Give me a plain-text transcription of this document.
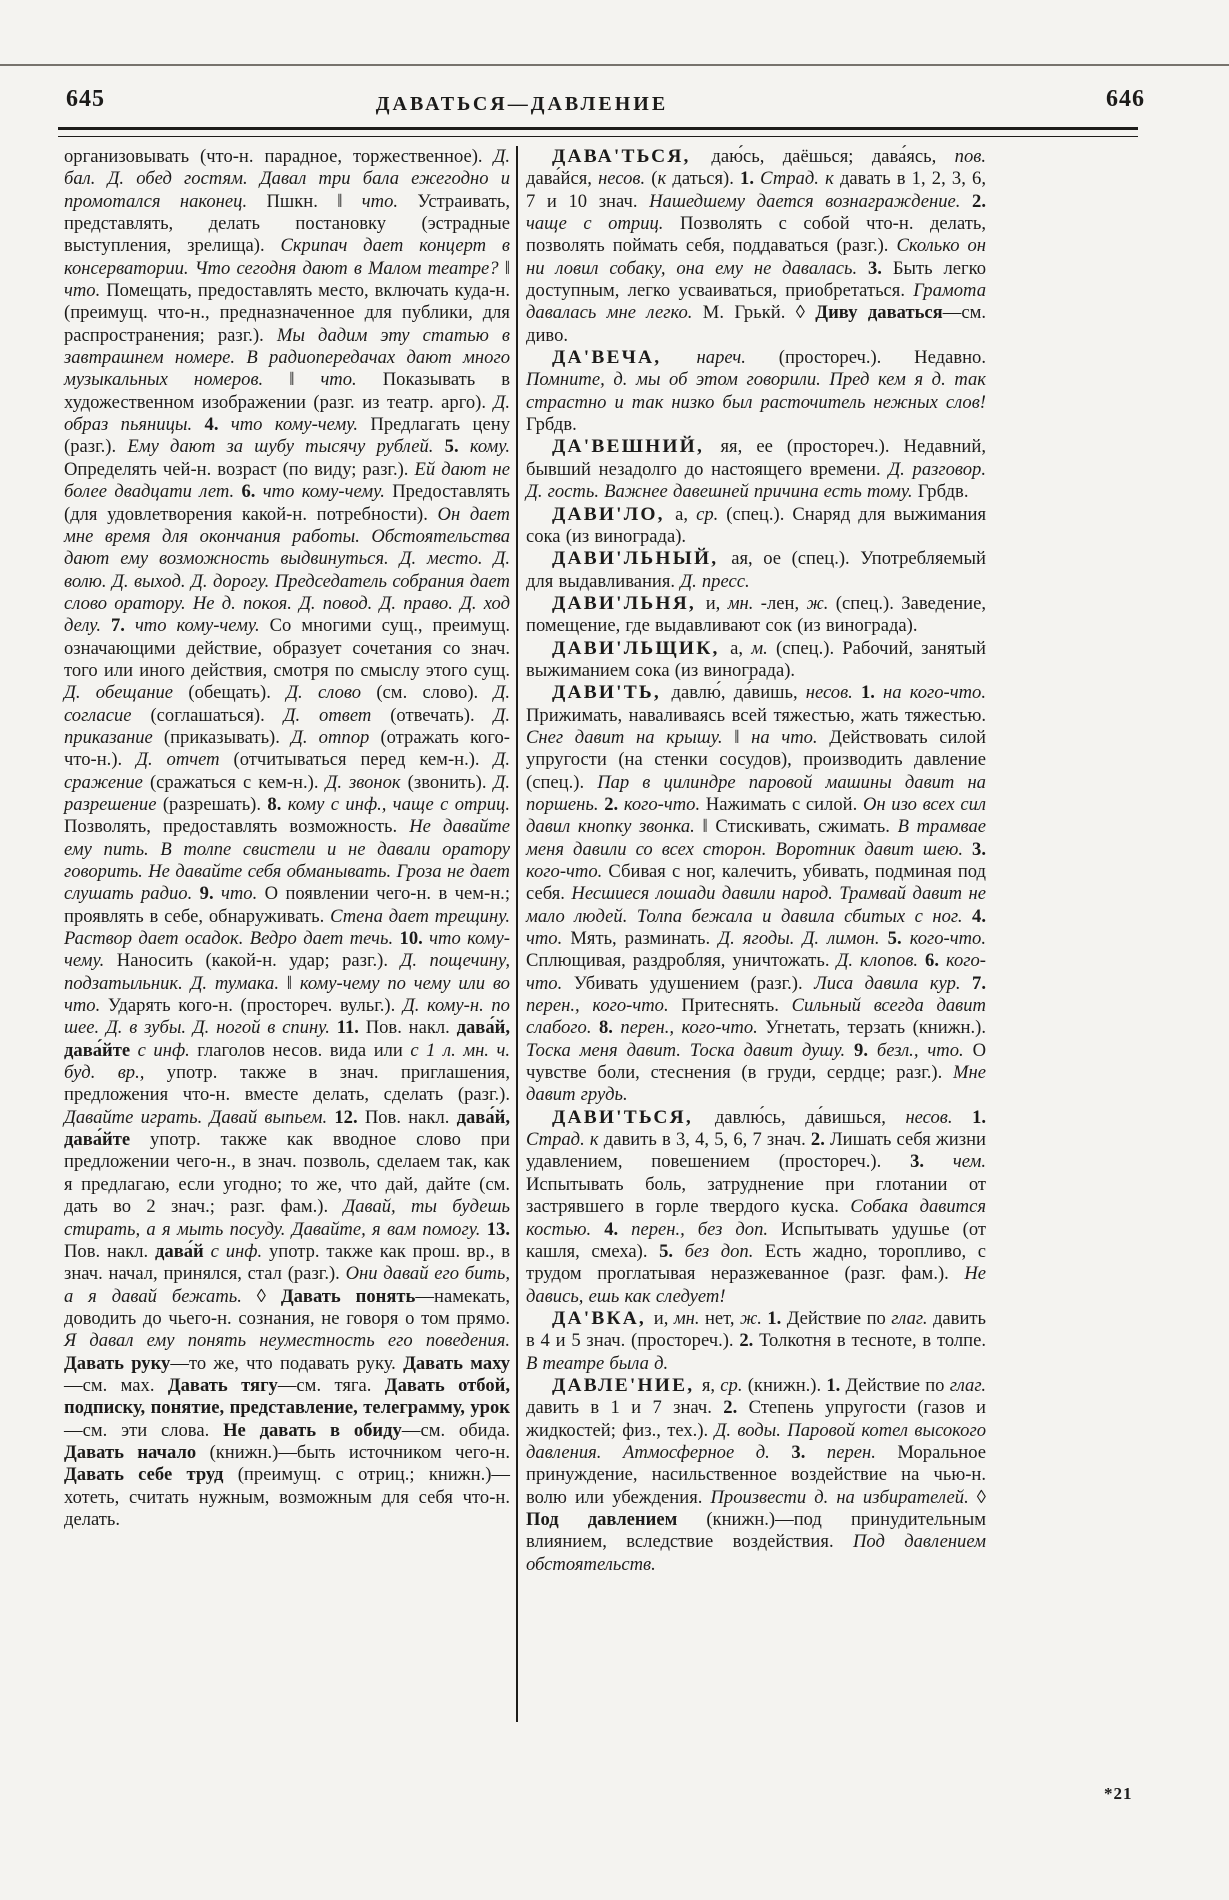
645	ДАВАТЬСЯ—ДАВЛЕНИЕ	646

организовывать (что-н. парадное, торжественное). Д. бал. Д. обед гостям. Давал три бала ежегодно и промотался наконец. Пшкн. ‖ что. Устраивать, представлять, делать постановку (эстрадные выступления, зрелища). Скрипач дает концерт в консерватории. Что сегодня дают в Малом театре? ‖ что. Помещать, предоставлять место, включать куда-н. (преимущ. что-н., предназначенное для публики, для распространения; разг.). Мы дадим эту статью в завтрашнем номере. В радиопередачах дают много музыкальных номеров. ‖ что. Показывать в художественном изображении (разг. из театр. арго). Д. образ пьяницы. 4. что кому-чему. Предлагать цену (разг.). Ему дают за шубу тысячу рублей. 5. кому. Определять чей-н. возраст (по виду; разг.). Ей дают не более двадцати лет. 6. что кому-чему. Предоставлять (для удовлетворения какой-н. потребности). Он дает мне время для окончания работы. Обстоятельства дают ему возможность выдвинуться. Д. место. Д. волю. Д. выход. Д. дорогу. Председатель собрания дает слово оратору. Не д. покоя. Д. повод. Д. право. Д. ход делу. 7. что кому-чему. Со многими сущ., преимущ. означающими действие, образует сочетания со знач. того или иного действия, смотря по смыслу этого сущ. Д. обещание (обещать). Д. слово (см. слово). Д. согласие (соглашаться). Д. ответ (отвечать). Д. приказание (приказывать). Д. отпор (отражать кого-что-н.). Д. отчет (отчитываться перед кем-н.). Д. сражение (сражаться с кем-н.). Д. звонок (звонить). Д. разрешение (разрешать). 8. кому с инф., чаще с отриц. Позволять, предоставлять возможность. Не давайте ему пить. В толпе свистели и не давали оратору говорить. Не давайте себя обманывать. Гроза не дает слушать радио. 9. что. О появлении чего-н. в чем-н.; проявлять в себе, обнаруживать. Стена дает трещину. Раствор дает осадок. Ведро дает течь. 10. что кому-чему. Наносить (какой-н. удар; разг.). Д. пощечину, подзатыльник. Д. тумака. ‖ кому-чему по чему или во что. Ударять кого-н. (простореч. вульг.). Д. кому-н. по шее. Д. в зубы. Д. ногой в спину. 11. Пов. накл. дава́й, дава́йте с инф. глаголов несов. вида или с 1 л. мн. ч. буд. вр., употр. также в знач. приглашения, предложения что-н. вместе делать, сделать (разг.). Давайте играть. Давай выпьем. 12. Пов. накл. дава́й, дава́йте употр. также как вводное слово при предложении чего-н., в знач. позволь, сделаем так, как я предлагаю, если угодно; то же, что дай, дайте (см. дать во 2 знач.; разг. фам.). Давай, ты будешь стирать, а я мыть посуду. Давайте, я вам помогу. 13. Пов. накл. дава́й с инф. употр. также как прош. вр., в знач. начал, принялся, стал (разг.). Они давай его бить, а я давай бежать. ◊ Давать понять—намекать, доводить до чьего-н. сознания, не говоря о том прямо. Я давал ему понять неуместность его поведения. Давать руку—то же, что подавать руку. Давать маху—см. мах. Давать тягу—см. тяга. Давать отбой, подписку, понятие, представление, телеграмму, урок—см. эти слова. Не давать в обиду—см. обида. Давать начало (книжн.)—быть источником чего-н. Давать себе труд (преимущ. с отриц.; книжн.)—хотеть, считать нужным, возможным для себя что-н. делать.

ДАВА'ТЬСЯ, даю́сь, даёшься; дава́ясь, пов. дава́йся, несов. (к даться). 1. Страд. к давать в 1, 2, 3, 6, 7 и 10 знач. Нашедшему дается вознаграждение. 2. чаще с отриц. Позволять с собой что-н. делать, позволять поймать себя, поддаваться (разг.). Сколько он ни ловил собаку, она ему не давалась. 3. Быть легко доступным, легко усваиваться, приобретаться. Грамота давалась мне легко. М. Грькй. ◊ Диву даваться—см. диво.

ДА'ВЕЧА, нареч. (простореч.). Недавно. Помните, д. мы об этом говорили. Пред кем я д. так страстно и так низко был расточитель нежных слов! Грбдв.

ДА'ВЕШНИЙ, яя, ее (простореч.). Недавний, бывший незадолго до настоящего времени. Д. разговор. Д. гость. Важнее давешней причина есть тому. Грбдв.

ДАВИ'ЛО, а, ср. (спец.). Снаряд для выжимания сока (из винограда).

ДАВИ'ЛЬНЫЙ, ая, ое (спец.). Употребляемый для выдавливания. Д. пресс.

ДАВИ'ЛЬНЯ, и, мн. -лен, ж. (спец.). Заведение, помещение, где выдавливают сок (из винограда).

ДАВИ'ЛЬЩИК, а, м. (спец.). Рабочий, занятый выжиманием сока (из винограда).

ДАВИ'ТЬ, давлю́, да́вишь, несов. 1. на кого-что. Прижимать, наваливаясь всей тяжестью, жать тяжестью. Снег давит на крышу. ‖ на что. Действовать силой упругости (на стенки сосудов), производить давление (спец.). Пар в цилиндре паровой машины давит на поршень. 2. кого-что. Нажимать с силой. Он изо всех сил давил кнопку звонка. ‖ Стискивать, сжимать. В трамвае меня давили со всех сторон. Воротник давит шею. 3. кого-что. Сбивая с ног, калечить, убивать, подминая под себя. Несшиеся лошади давили народ. Трамвай давит не мало людей. Толпа бежала и давила сбитых с ног. 4. что. Мять, разминать. Д. ягоды. Д. лимон. 5. кого-что. Сплющивая, раздробляя, уничтожать. Д. клопов. 6. кого-что. Убивать удушением (разг.). Лиса давила кур. 7. перен., кого-что. Притеснять. Сильный всегда давит слабого. 8. перен., кого-что. Угнетать, терзать (книжн.). Тоска меня давит. Тоска давит душу. 9. безл., что. О чувстве боли, стеснения (в груди, сердце; разг.). Мне давит грудь.

ДАВИ'ТЬСЯ, давлю́сь, да́вишься, несов. 1. Страд. к давить в 3, 4, 5, 6, 7 знач. 2. Лишать себя жизни удавлением, повешением (простореч.). 3. чем. Испытывать боль, затруднение при глотании от застрявшего в горле твердого куска. Собака давится костью. 4. перен., без доп. Испытывать удушье (от кашля, смеха). 5. без доп. Есть жадно, торопливо, с трудом проглатывая неразжеванное (разг. фам.). Не давись, ешь как следует!

ДА'ВКА, и, мн. нет, ж. 1. Действие по глаг. давить в 4 и 5 знач. (простореч.). 2. Толкотня в тесноте, в толпе. В театре была д.

ДАВЛЕ'НИЕ, я, ср. (книжн.). 1. Действие по глаг. давить в 1 и 7 знач. 2. Степень упругости (газов и жидкостей; физ., тех.). Д. воды. Паровой котел высокого давления. Атмосферное д. 3. перен. Моральное принуждение, насильственное воздействие на чью-н. волю или убеждения. Произвести д. на избирателей. ◊ Под давлением (книжн.)—под принудительным влиянием, вследствие воздействия. Под давлением обстоятельств.

*21
